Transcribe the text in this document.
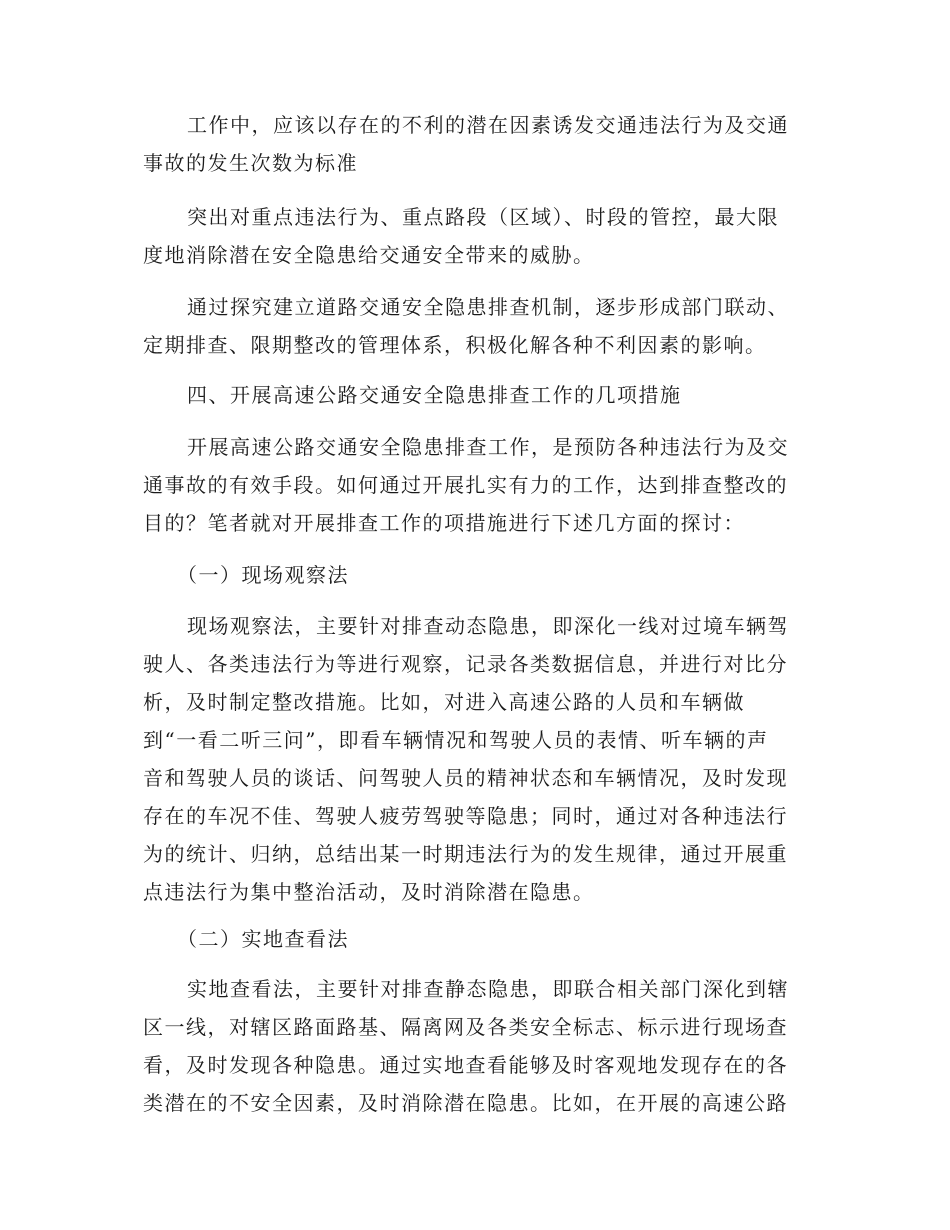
工作中，应该以存在的不利的潜在因素诱发交通违法行为及交通
事故的发生次数为标准

突出对重点违法行为、重点路段（区域）、时段的管控，最大限
度地消除潜在安全隐患给交通安全带来的威胁。

通过探究建立道路交通安全隐患排查机制，逐步形成部门联动、
定期排查、限期整改的管理体系，积极化解各种不利因素的影响。

四、开展高速公路交通安全隐患排查工作的几项措施

开展高速公路交通安全隐患排查工作，是预防各种违法行为及交
通事故的有效手段。如何通过开展扎实有力的工作，达到排查整改的
目的？笔者就对开展排查工作的项措施进行下述几方面的探讨：

（一）现场观察法

现场观察法，主要针对排查动态隐患，即深化一线对过境车辆驾
驶人、各类违法行为等进行观察，记录各类数据信息，并进行对比分
析，及时制定整改措施。比如，对进入高速公路的人员和车辆做
到“一看二听三问”，即看车辆情况和驾驶人员的表情、听车辆的声
音和驾驶人员的谈话、问驾驶人员的精神状态和车辆情况，及时发现
存在的车况不佳、驾驶人疲劳驾驶等隐患；同时，通过对各种违法行
为的统计、归纳，总结出某一时期违法行为的发生规律，通过开展重
点违法行为集中整治活动，及时消除潜在隐患。

（二）实地查看法

实地查看法，主要针对排查静态隐患，即联合相关部门深化到辖
区一线，对辖区路面路基、隔离网及各类安全标志、标示进行现场查
看，及时发现各种隐患。通过实地查看能够及时客观地发现存在的各
类潜在的不安全因素，及时消除潜在隐患。比如，在开展的高速公路
